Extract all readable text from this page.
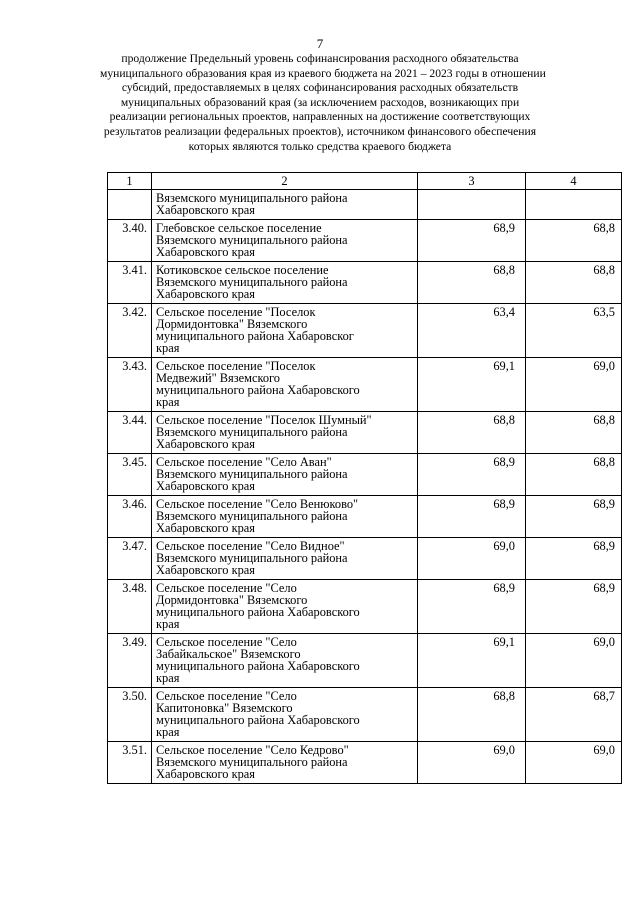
7
продолжение Предельный уровень софинансирования расходного обязательства
муниципального образования края из краевого бюджета на 2021 – 2023 годы в отношении
субсидий, предоставляемых в целях софинансирования расходных обязательств
муниципальных образований края (за исключением расходов, возникающих при
реализации региональных проектов, направленных на достижение соответствующих
результатов реализации федеральных проектов), источником финансового обеспечения
которых являются только средства краевого бюджета
1	2	3	4

	Вяземского муниципального района
Хабаровского края		

3.40.	Глебовское сельское поселение
Вяземского муниципального района
Хабаровского края	68,9	68,8
3.41.	Котиковское сельское поселение
Вяземского муниципального района
Хабаровского края	68,8	68,8
3.42.	Сельское поселение "Поселок
Дормидонтовка" Вяземского
муниципального района Хабаровског
края	63,4	63,5
3.43.	Сельское поселение "Поселок
Медвежий" Вяземского
муниципального района Хабаровского
края	69,1	69,0
3.44.	Сельское поселение "Поселок Шумный"
Вяземского муниципального района
Хабаровского края	68,8	68,8
3.45.	Сельское поселение "Село Аван"
Вяземского муниципального района
Хабаровского края	68,9	68,8
3.46.	Сельское поселение "Село Венюково"
Вяземского муниципального района
Хабаровского края	68,9	68,9
3.47.	Сельское поселение "Село Видное"
Вяземского муниципального района
Хабаровского края	69,0	68,9
3.48.	Сельское поселение "Село
Дормидонтовка" Вяземского
муниципального района Хабаровского
края	68,9	68,9
3.49.	Сельское поселение "Село
Забайкальское" Вяземского
муниципального района Хабаровского
края	69,1	69,0
3.50.	Сельское поселение "Село
Капитоновка" Вяземского
муниципального района Хабаровского
края	68,8	68,7
3.51.	Сельское поселение "Село Кедрово"
Вяземского муниципального района
Хабаровского края	69,0	69,0
